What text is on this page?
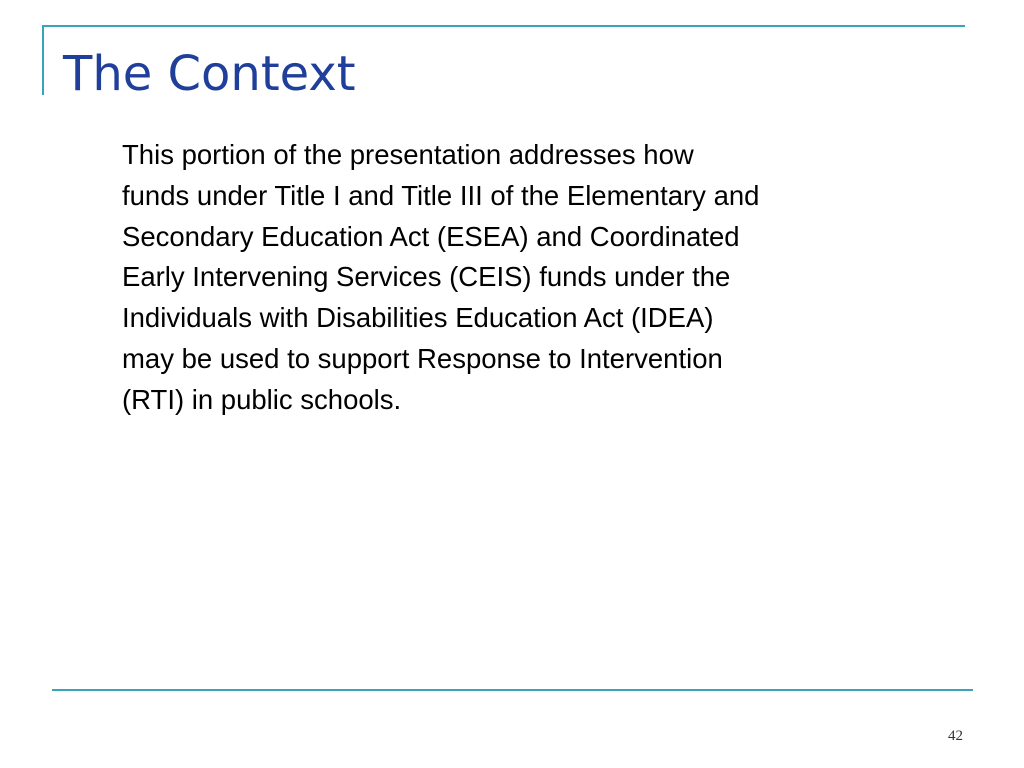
The Context
This portion of the presentation addresses how
funds under Title I and Title III of the Elementary and
Secondary Education Act (ESEA) and Coordinated
Early Intervening Services (CEIS) funds under the
Individuals with Disabilities Education Act (IDEA)
may be used to support Response to Intervention
(RTI) in public schools.
42
